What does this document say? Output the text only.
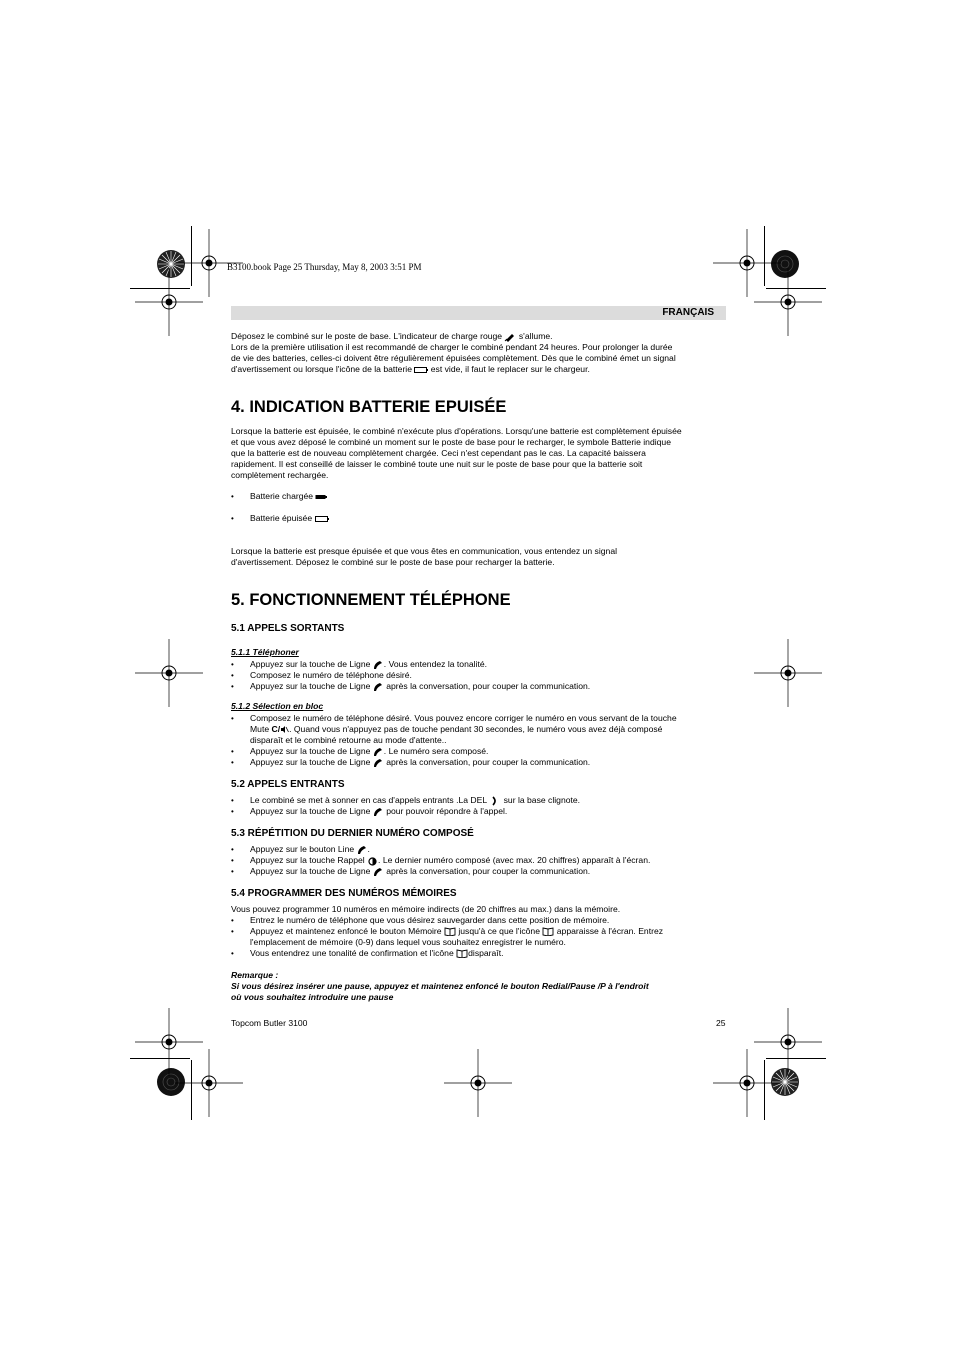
B3100.book Page 25 Thursday, May 8, 2003 3:51 PM
FRANÇAIS
Déposez le combiné sur le poste de base. L'indicateur de charge rouge s'allume.
Lors de la première utilisation il est recommandé de charger le combiné pendant 24 heures. Pour prolonger la durée
de vie des batteries, celles-ci doivent être régulièrement épuisées complètement. Dès que le combiné émet un signal
d'avertissement ou lorsque l'icône de la batterie est vide, il faut le replacer sur le chargeur.
4. INDICATION BATTERIE EPUISÉE
Lorsque la batterie est épuisée, le combiné n'exécute plus d'opérations. Lorsqu'une batterie est complètement épuisée
et que vous avez déposé le combiné un moment sur le poste de base pour le recharger, le symbole Batterie indique
que la batterie est de nouveau complètement chargée. Ceci n'est cependant pas le cas. La capacité baissera
rapidement. Il est conseillé de laisser le combiné toute une nuit sur le poste de base pour que la batterie soit
complètement rechargée.
• Batterie chargée
• Batterie épuisée
Lorsque la batterie est presque épuisée et que vous êtes en communication, vous entendez un signal
d'avertissement. Déposez le combiné sur le poste de base pour recharger la batterie.
5. FONCTIONNEMENT TÉLÉPHONE
5.1 APPELS SORTANTS
5.1.1 Téléphoner
• Appuyez sur la touche de Ligne . Vous entendez la tonalité.
• Composez le numéro de téléphone désiré.
• Appuyez sur la touche de Ligne après la conversation, pour couper la communication.
5.1.2 Sélection en bloc
• Composez le numéro de téléphone désiré. Vous pouvez encore corriger le numéro en vous servant de la touche
Mute C/ . Quand vous n'appuyez pas de touche pendant 30 secondes, le numéro vous avez déjà composé
disparaît et le combiné retourne au mode d'attente..
• Appuyez sur la touche de Ligne . Le numéro sera composé.
• Appuyez sur la touche de Ligne après la conversation, pour couper la communication.
5.2 APPELS ENTRANTS
• Le combiné se met à sonner en cas d'appels entrants .La DEL sur la base clignote.
• Appuyez sur la touche de Ligne pour pouvoir répondre à l'appel.
5.3 RÉPÉTITION DU DERNIER NUMÉRO COMPOSÉ
• Appuyez sur le bouton Line .
• Appuyez sur la touche Rappel . Le dernier numéro composé (avec max. 20 chiffres) apparaît à l'écran.
• Appuyez sur la touche de Ligne après la conversation, pour couper la communication.
5.4 PROGRAMMER DES NUMÉROS MÉMOIRES
Vous pouvez programmer 10 numéros en mémoire indirects (de 20 chiffres au max.) dans la mémoire.
• Entrez le numéro de téléphone que vous désirez sauvegarder dans cette position de mémoire.
• Appuyez et maintenez enfoncé le bouton Mémoire jusqu'à ce que l'icône apparaisse à l'écran. Entrez
l'emplacement de mémoire (0-9) dans lequel vous souhaitez enregistrer le numéro.
• Vous entendrez une tonalité de confirmation et l'icône disparaît.
Remarque :
Si vous désirez insérer une pause, appuyez et maintenez enfoncé le bouton Redial/Pause /P à l'endroit
où vous souhaitez introduire une pause
Topcom Butler 3100	25
